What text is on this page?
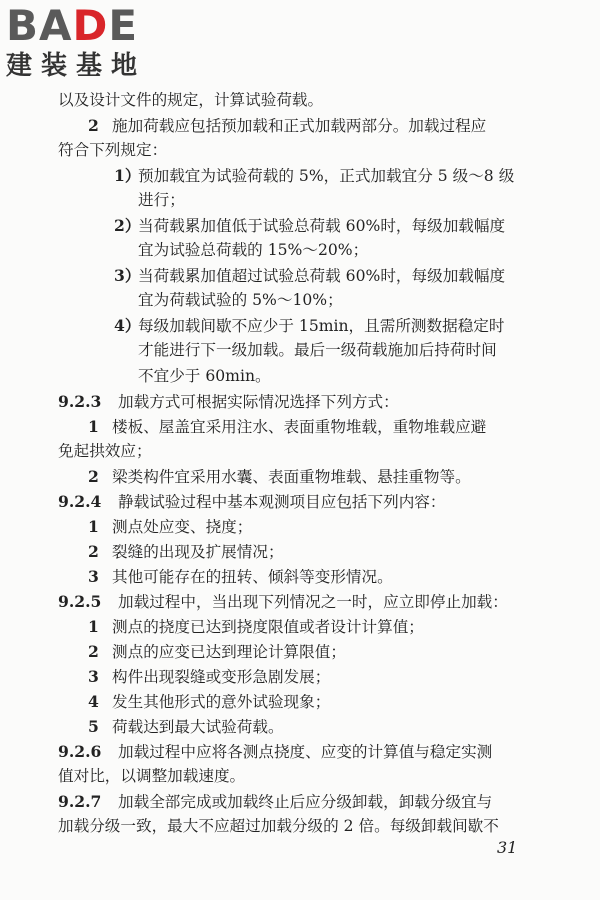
BADE
建装基地
以及设计文件的规定，计算试验荷载。
2 施加荷载应包括预加载和正式加载两部分。加载过程应
符合下列规定：
1）预加载宜为试验荷载的 5%，正式加载宜分 5 级～8 级
进行；
2）当荷载累加值低于试验总荷载 60%时，每级加载幅度
宜为试验总荷载的 15%～20%；
3）当荷载累加值超过试验总荷载 60%时，每级加载幅度
宜为荷载试验的 5%～10%；
4）每级加载间歇不应少于 15min，且需所测数据稳定时
才能进行下一级加载。最后一级荷载施加后持荷时间
不宜少于 60min。
9.2.3 加载方式可根据实际情况选择下列方式：
1 楼板、屋盖宜采用注水、表面重物堆载，重物堆载应避
免起拱效应；
2 梁类构件宜采用水囊、表面重物堆载、悬挂重物等。
9.2.4 静载试验过程中基本观测项目应包括下列内容：
1 测点处应变、挠度；
2 裂缝的出现及扩展情况；
3 其他可能存在的扭转、倾斜等变形情况。
9.2.5 加载过程中，当出现下列情况之一时，应立即停止加载：
1 测点的挠度已达到挠度限值或者设计计算值；
2 测点的应变已达到理论计算限值；
3 构件出现裂缝或变形急剧发展；
4 发生其他形式的意外试验现象；
5 荷载达到最大试验荷载。
9.2.6 加载过程中应将各测点挠度、应变的计算值与稳定实测
值对比，以调整加载速度。
9.2.7 加载全部完成或加载终止后应分级卸载，卸载分级宜与
加载分级一致，最大不应超过加载分级的 2 倍。每级卸载间歇不
31
